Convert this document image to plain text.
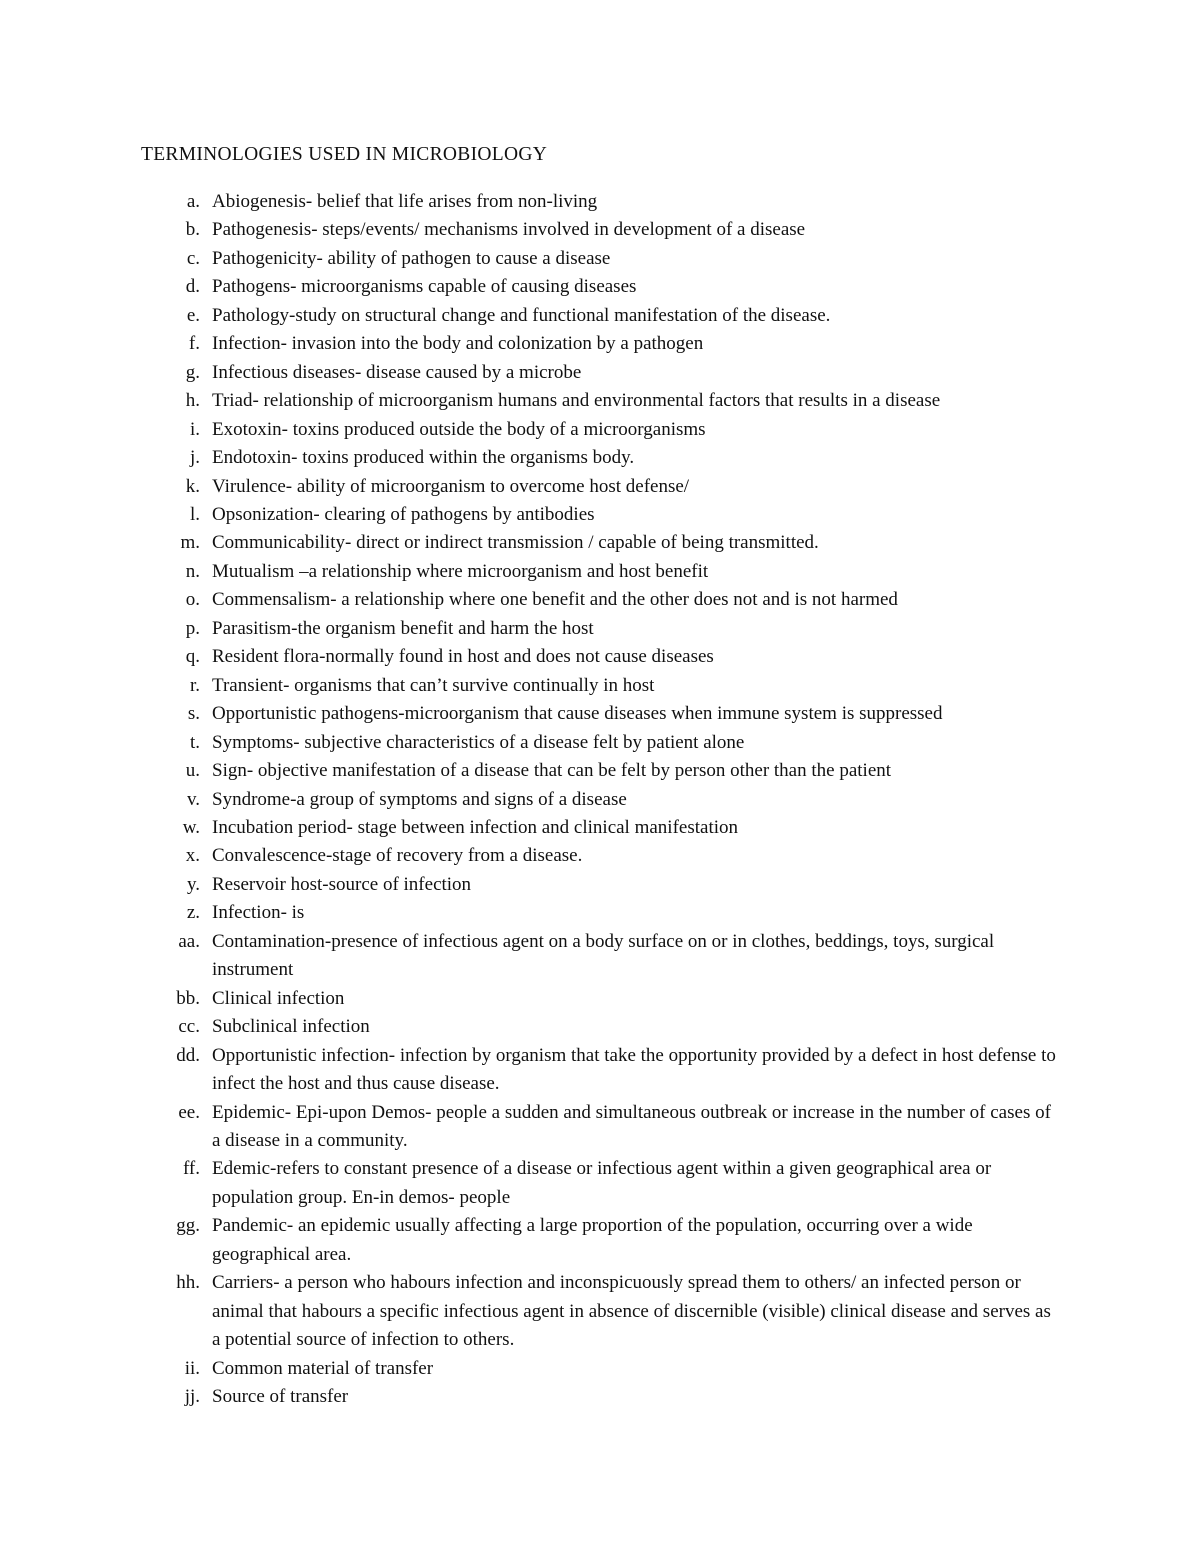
TERMINOLOGIES USED IN MICROBIOLOGY
a. Abiogenesis- belief that life arises from non-living
b. Pathogenesis- steps/events/ mechanisms involved in development of a disease
c. Pathogenicity- ability of pathogen to cause a disease
d. Pathogens- microorganisms capable of causing diseases
e. Pathology-study on structural change and functional manifestation of the disease.
f. Infection- invasion into the body and colonization by a pathogen
g. Infectious diseases- disease caused by a microbe
h. Triad- relationship of microorganism humans and environmental factors that results in a disease
i. Exotoxin- toxins produced outside the body of a microorganisms
j. Endotoxin- toxins produced within the organisms body.
k. Virulence- ability of microorganism to overcome host defense/
l. Opsonization- clearing of pathogens by antibodies
m. Communicability- direct or indirect transmission / capable of being transmitted.
n. Mutualism –a relationship where microorganism and host benefit
o. Commensalism- a relationship where one benefit and the other does not and is not harmed
p. Parasitism-the organism benefit and harm the host
q. Resident flora-normally found in host and does not cause diseases
r. Transient- organisms that can’t survive continually in host
s. Opportunistic pathogens-microorganism that cause diseases when immune system is suppressed
t. Symptoms- subjective characteristics of a disease felt by patient alone
u. Sign- objective manifestation of a disease that can be felt by person other than the patient
v. Syndrome-a group of symptoms and signs of a disease
w. Incubation period- stage between infection and clinical manifestation
x. Convalescence-stage of recovery from a disease.
y. Reservoir host-source of infection
z. Infection- is
aa. Contamination-presence of infectious agent on a body surface on or in clothes, beddings, toys, surgical instrument
bb. Clinical infection
cc. Subclinical infection
dd. Opportunistic infection- infection by organism that take the opportunity provided by a defect in host defense to infect the host and thus cause disease.
ee. Epidemic- Epi-upon Demos- people a sudden and simultaneous outbreak or increase in the number of cases of a disease in a community.
ff. Edemic-refers to constant presence of a disease or infectious agent within a given geographical area or population group. En-in demos- people
gg. Pandemic- an epidemic usually affecting a large proportion of the population, occurring over a wide geographical area.
hh. Carriers- a person who habours infection and inconspicuously spread them to others/ an infected person or animal that habours a specific infectious agent in absence of discernible (visible) clinical disease and serves as a potential source of infection to others.
ii. Common material of transfer
jj. Source of transfer
